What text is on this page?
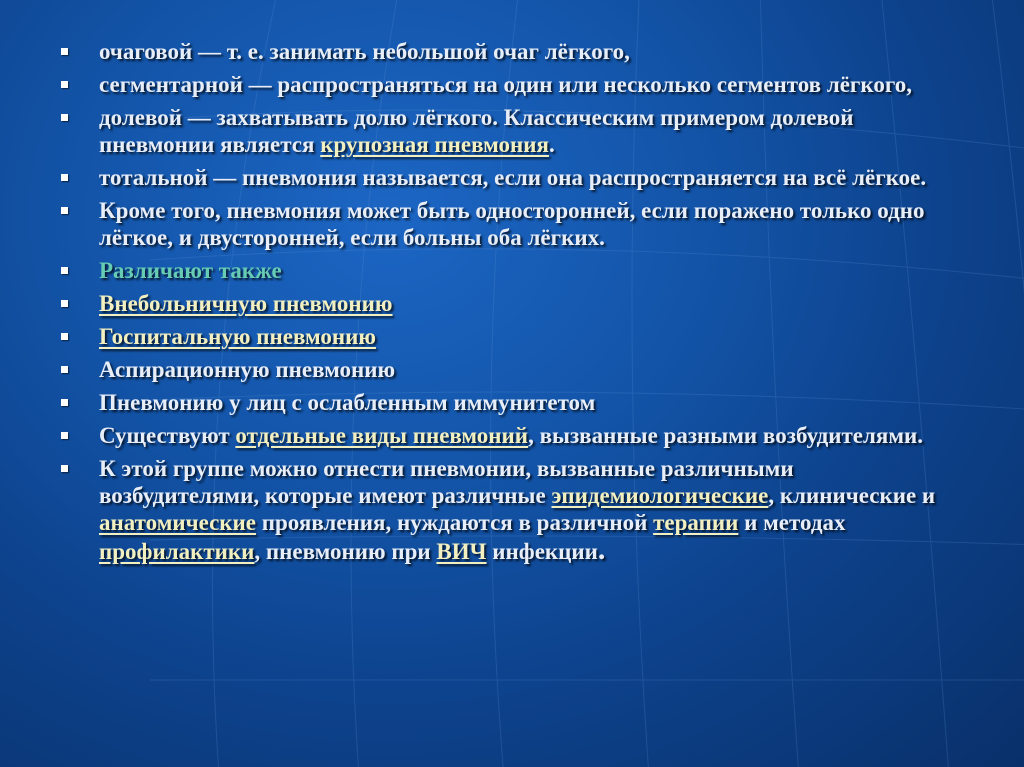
очаговой — т. е. занимать небольшой очаг лёгкого,
сегментарной — распространяться на один или несколько сегментов лёгкого,
долевой — захватывать долю лёгкого. Классическим примером долевой пневмонии является крупозная пневмония.
тотальной — пневмония называется, если она распространяется на всё лёгкое.
Кроме того, пневмония может быть односторонней, если поражено только одно лёгкое, и двусторонней, если больны оба лёгких.
Различают также
Внебольничную пневмонию
Госпитальную пневмонию
Аспирационную пневмонию
Пневмонию у лиц с ослабленным иммунитетом
Существуют отдельные виды пневмоний, вызванные разными возбудителями.
К этой группе можно отнести пневмонии, вызванные различными возбудителями, которые имеют различные эпидемиологические, клинические и анатомические проявления, нуждаются в различной терапии и методах профилактики, пневмонию при ВИЧ инфекции.
